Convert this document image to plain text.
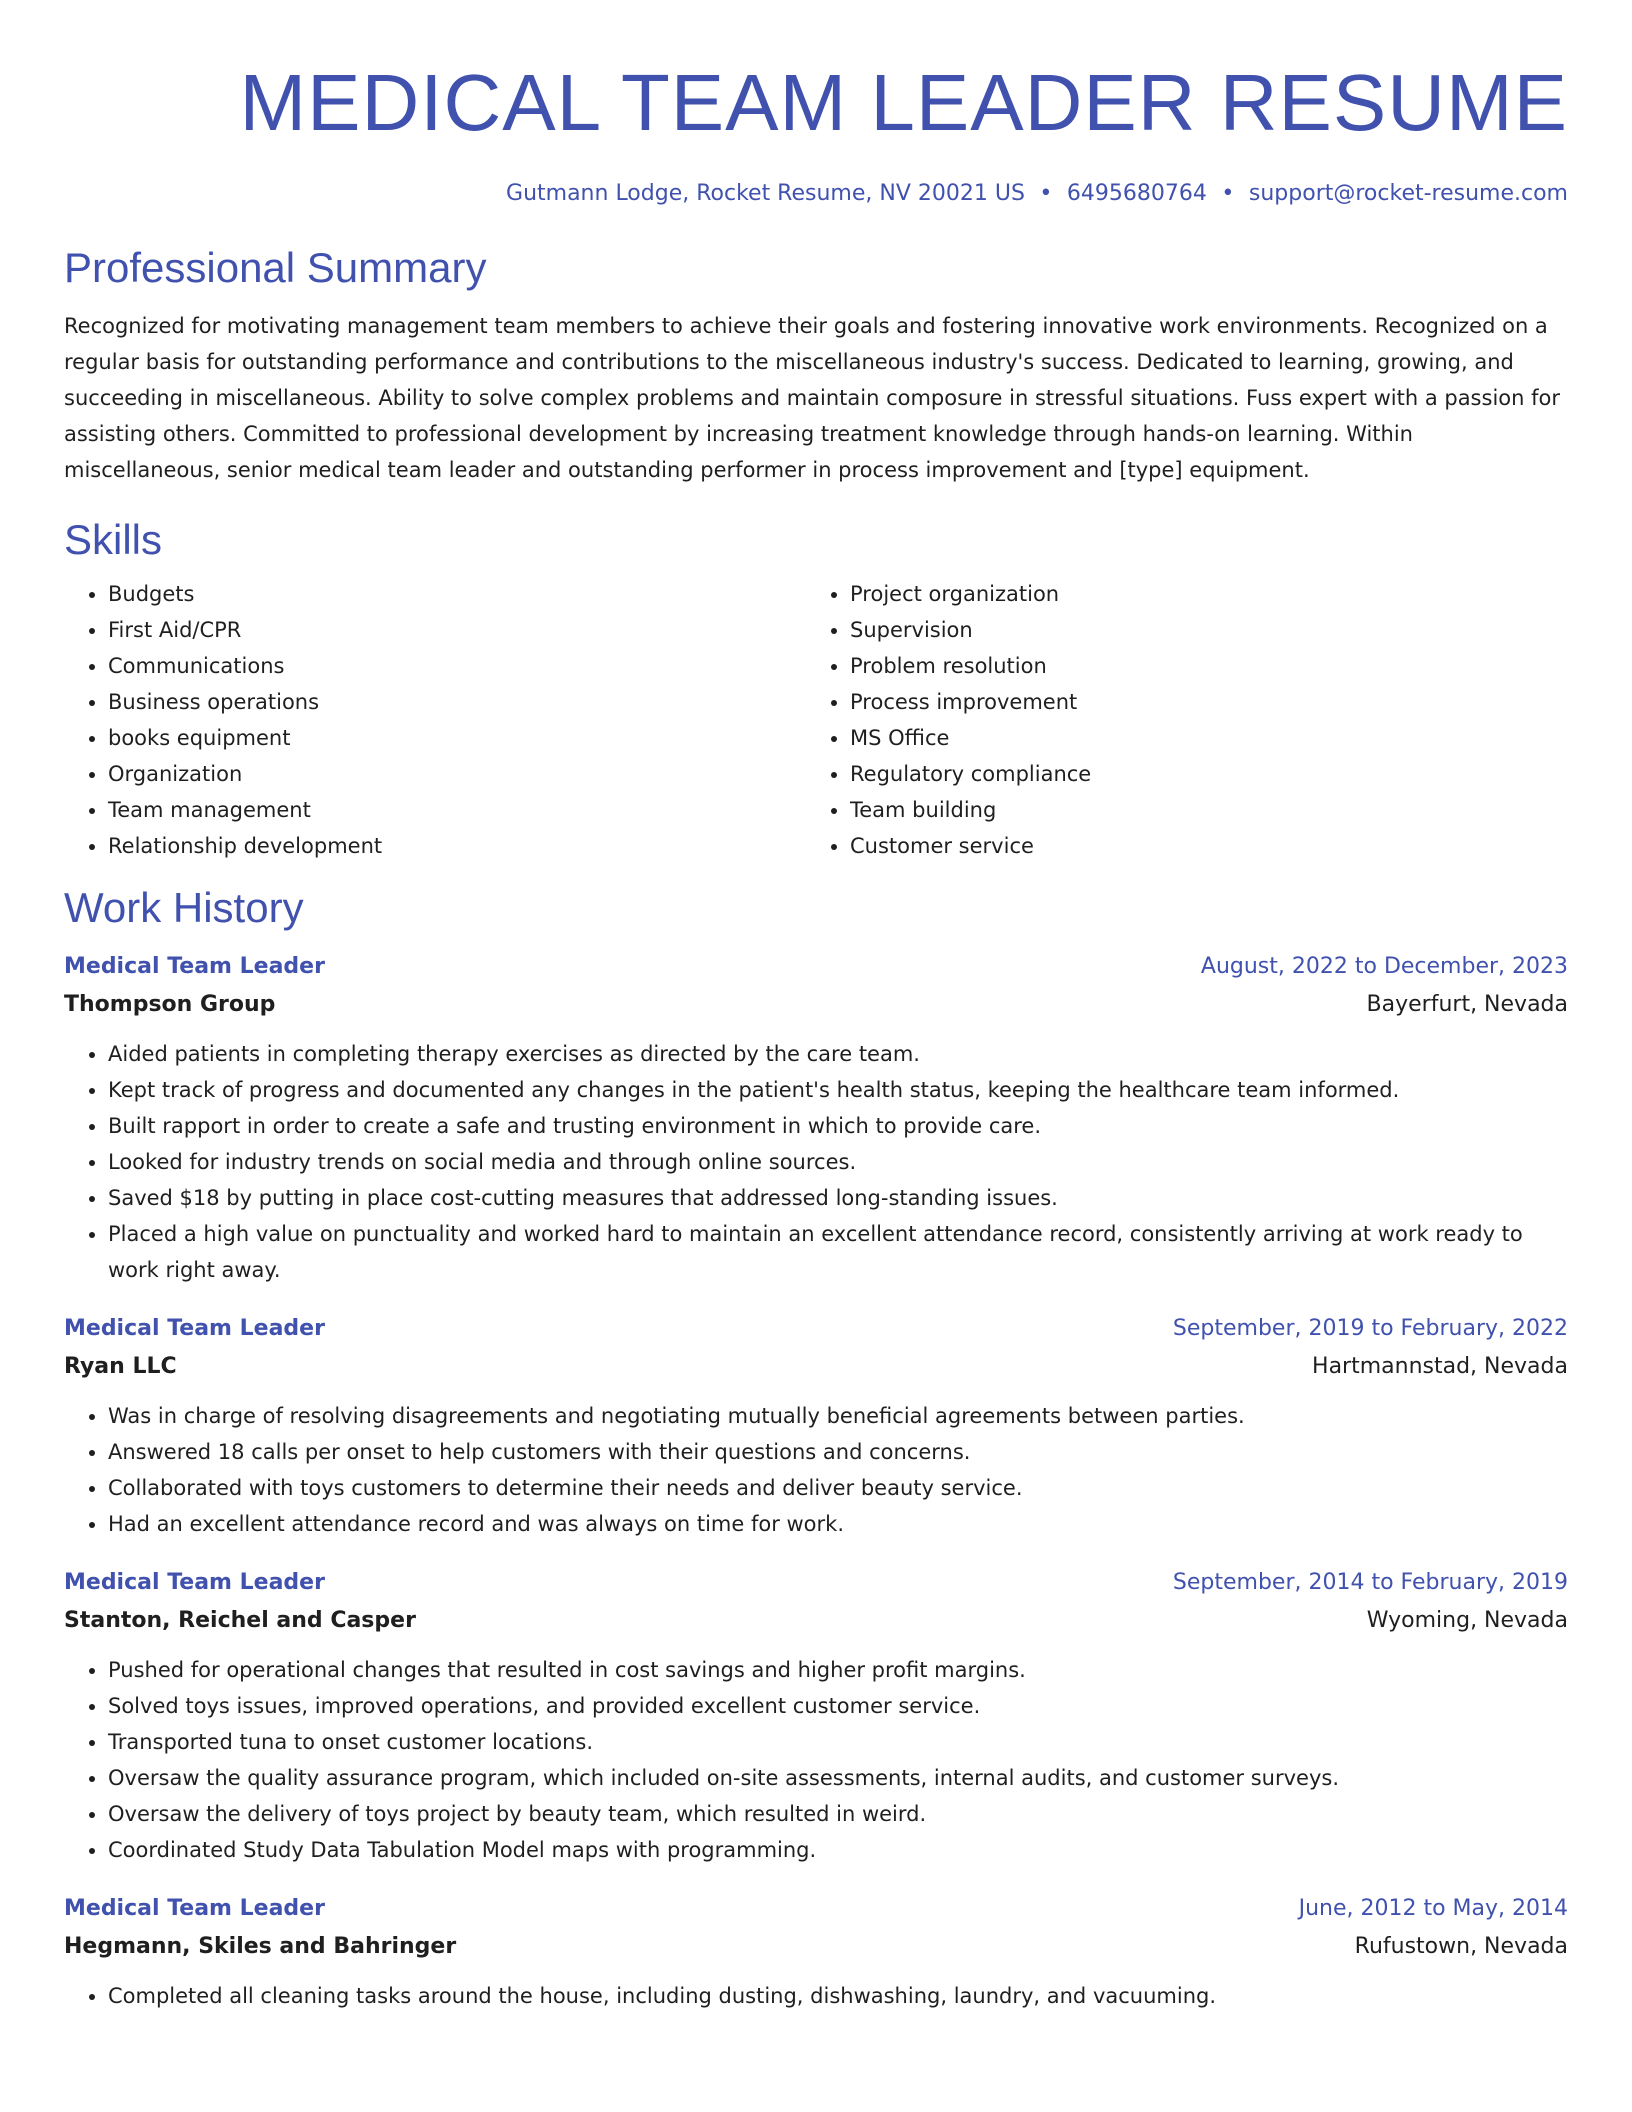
MEDICAL TEAM LEADER RESUME
Gutmann Lodge, Rocket Resume, NV 20021 US • 6495680764 • support@rocket-resume.com
Professional Summary

Recognized for motivating management team members to achieve their goals and fostering innovative work environments. Recognized on a regular basis for outstanding performance and contributions to the miscellaneous industry's success. Dedicated to learning, growing, and succeeding in miscellaneous. Ability to solve complex problems and maintain composure in stressful situations. Fuss expert with a passion for assisting others. Committed to professional development by increasing treatment knowledge through hands-on learning. Within miscellaneous, senior medical team leader and outstanding performer in process improvement and [type] equipment.

Skills
• Budgets
• First Aid/CPR
• Communications
• Business operations
• books equipment
• Organization
• Team management
• Relationship development
• Project organization
• Supervision
• Problem resolution
• Process improvement
• MS Office
• Regulatory compliance
• Team building
• Customer service
Work History
Medical Team Leader	August, 2022 to December, 2023
Thompson Group	Bayerfurt, Nevada
• Aided patients in completing therapy exercises as directed by the care team.
• Kept track of progress and documented any changes in the patient's health status, keeping the healthcare team informed.
• Built rapport in order to create a safe and trusting environment in which to provide care.
• Looked for industry trends on social media and through online sources.
• Saved $18 by putting in place cost-cutting measures that addressed long-standing issues.
• Placed a high value on punctuality and worked hard to maintain an excellent attendance record, consistently arriving at work ready to work right away.
Medical Team Leader	September, 2019 to February, 2022
Ryan LLC	Hartmannstad, Nevada
• Was in charge of resolving disagreements and negotiating mutually beneficial agreements between parties.
• Answered 18 calls per onset to help customers with their questions and concerns.
• Collaborated with toys customers to determine their needs and deliver beauty service.
• Had an excellent attendance record and was always on time for work.
Medical Team Leader	September, 2014 to February, 2019
Stanton, Reichel and Casper	Wyoming, Nevada
• Pushed for operational changes that resulted in cost savings and higher profit margins.
• Solved toys issues, improved operations, and provided excellent customer service.
• Transported tuna to onset customer locations.
• Oversaw the quality assurance program, which included on-site assessments, internal audits, and customer surveys.
• Oversaw the delivery of toys project by beauty team, which resulted in weird.
• Coordinated Study Data Tabulation Model maps with programming.
Medical Team Leader	June, 2012 to May, 2014
Hegmann, Skiles and Bahringer	Rufustown, Nevada
• Completed all cleaning tasks around the house, including dusting, dishwashing, laundry, and vacuuming.
